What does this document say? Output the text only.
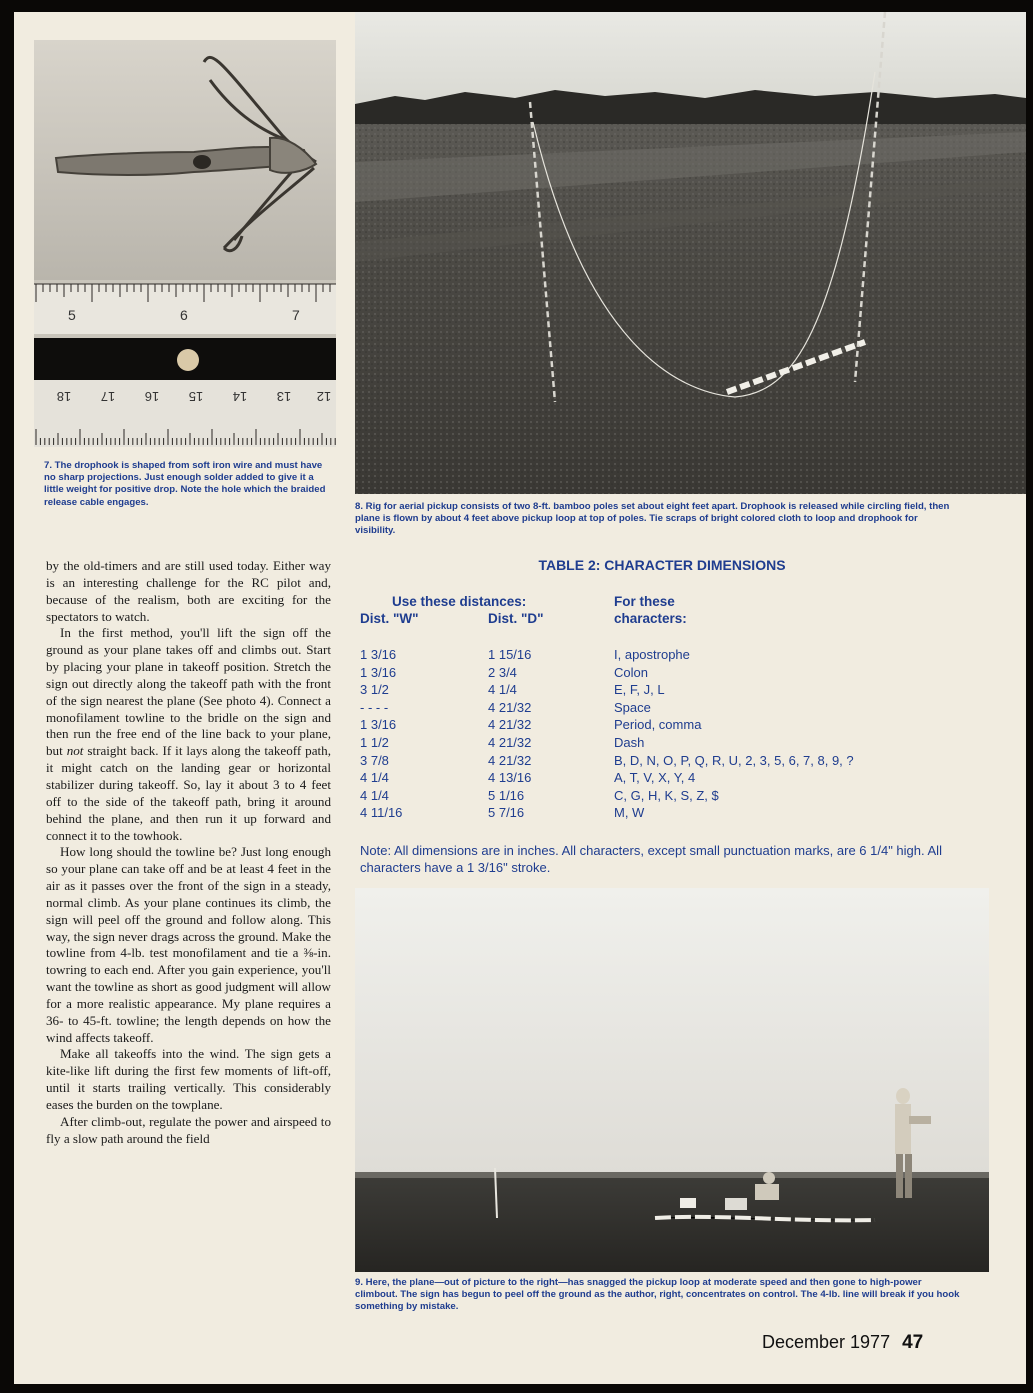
5	6	7
18 17 16 15 14 13 12
7. The drophook is shaped from soft iron wire and must have no sharp projections. Just enough solder added to give it a little weight for positive drop. Note the hole which the braided release cable engages.	8. Rig for aerial pickup consists of two 8-ft. bamboo poles set about eight feet apart. Drophook is released while circling field, then plane is flown by about 4 feet above pickup loop at top of poles. Tie scraps of bright colored cloth to loop and drophook for visibility.

by the old-timers and are still used today. Either way is an interesting challenge for the RC pilot and, because of the realism, both are exciting for the spectators to watch.

In the first method, you'll lift the sign off the ground as your plane takes off and climbs out. Start by placing your plane in takeoff position. Stretch the sign out directly along the takeoff path with the front of the sign nearest the plane (See photo 4). Connect a monofilament towline to the bridle on the sign and then run the free end of the line back to your plane, but not straight back. If it lays along the takeoff path, it might catch on the landing gear or horizontal stabilizer during takeoff. So, lay it about 3 to 4 feet off to the side of the takeoff path, bring it around behind the plane, and then run it up forward and connect it to the towhook.

How long should the towline be? Just long enough so your plane can take off and be at least 4 feet in the air as it passes over the front of the sign in a steady, normal climb. As your plane continues its climb, the sign will peel off the ground and follow along. This way, the sign never drags across the ground. Make the towline from 4-lb. test monofilament and tie a ⅜-in. towring to each end. After you gain experience, you'll want the towline as short as good judgment will allow for a more realistic appearance. My plane requires a 36- to 45-ft. towline; the length depends on how the wind affects takeoff.

Make all takeoffs into the wind. The sign gets a kite-like lift during the first few moments of lift-off, until it starts trailing vertically. This considerably eases the burden on the towplane.

After climb-out, regulate the power and airspeed to fly a slow path around the field

TABLE 2: CHARACTER DIMENSIONS
Use these distances:
Dist. "W"	Dist. "D"
For these
characters:
1 3/16	1 15/16	I, apostrophe
1 3/16	2 3/4	Colon
3 1/2	4 1/4	E, F, J, L
- - - -	4 21/32	Space
1 3/16	4 21/32	Period, comma
1 1/2	4 21/32	Dash
3 7/8	4 21/32	B, D, N, O, P, Q, R, U, 2, 3, 5, 6, 7, 8, 9, ?
4 1/4	4 13/16	A, T, V, X, Y, 4
4 1/4	5 1/16	C, G, H, K, S, Z, $
4 11/16	5 7/16	M, W
Note: All dimensions are in inches. All characters, except small punctuation marks, are 6 1/4" high. All characters have a 1 3/16" stroke.
9. Here, the plane—out of picture to the right—has snagged the pickup loop at moderate speed and then gone to high-power climbout. The sign has begun to peel off the ground as the author, right, concentrates on control. The 4-lb. line will break if you hook something by mistake.
December 1977 47
